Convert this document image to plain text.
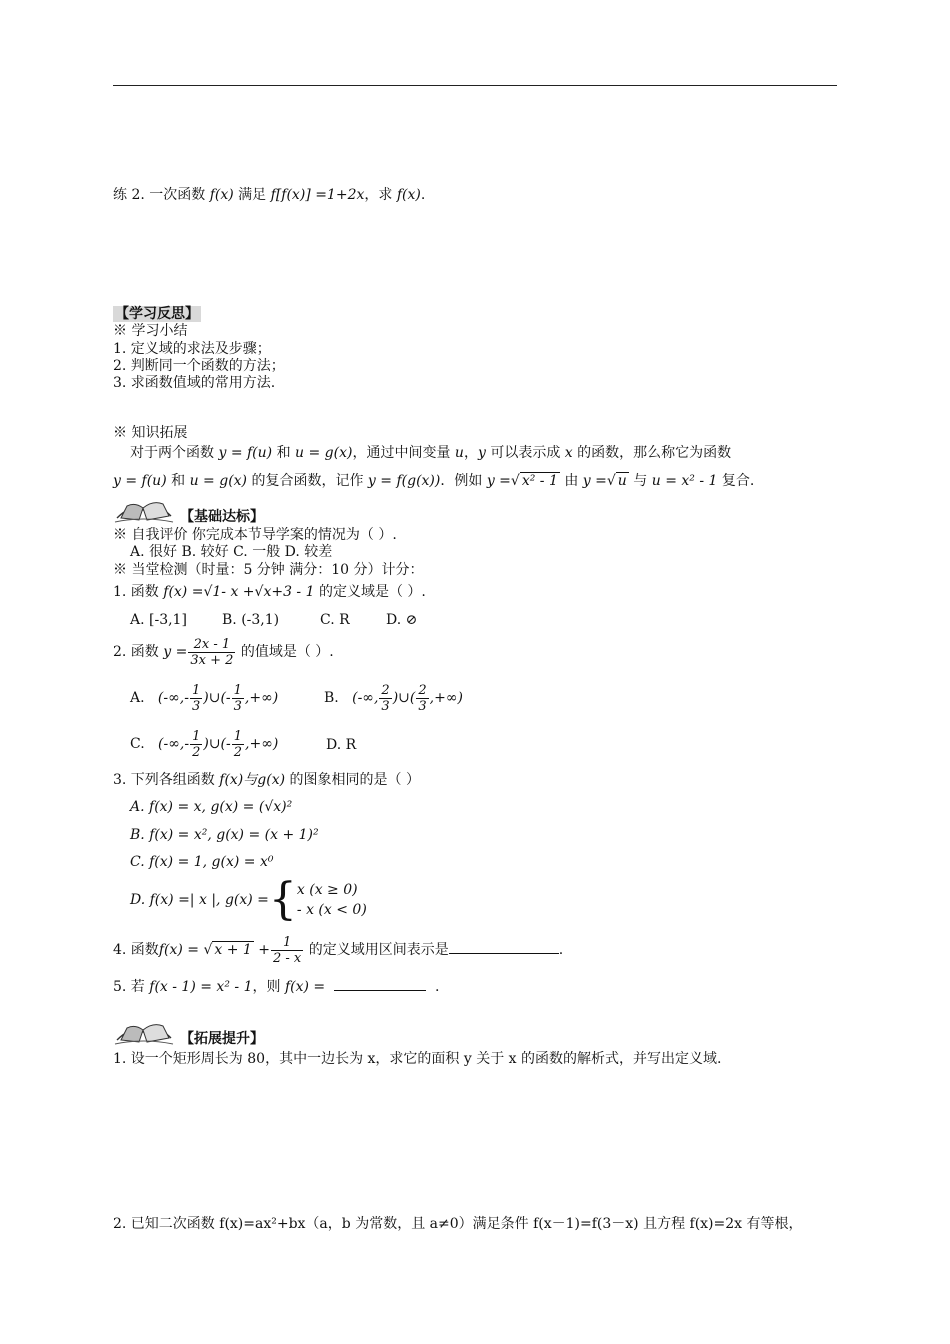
练 2. 一次函数 f(x) 满足 f[f(x)] =1+2x，求 f(x).
【学习反思】
※ 学习小结
1. 定义域的求法及步骤；
2. 判断同一个函数的方法；
3. 求函数值域的常用方法.
※ 知识拓展
对于两个函数 y = f(u) 和 u = g(x)，通过中间变量 u，y 可以表示成 x 的函数，那么称它为函数
y = f(u) 和 u = g(x) 的复合函数，记作 y = f(g(x))．例如 y =√ x² - 1 由 y =√ u 与 u = x² - 1 复合.
【基础达标】
※ 自我评价 你完成本节导学案的情况为（ ）.
A. 很好 B. 较好 C. 一般 D. 较差
※ 当堂检测（时量：5 分钟 满分：10 分）计分：
1. 函数 f(x) =√1- x +√x+3 - 1 的定义域是（ ）.
A. [-3,1]	B. (-3,1)	C. R	D. ⊘
2. 函数 $y = \frac{2x - 1}{3x + 2}$ 的值域是（ ）.
A. (-∞,- $\frac{1}{3}$ )∪(- $\frac{1}{3}$ ,+∞)	B. (-∞, $\frac{2}{3}$ )∪( $\frac{2}{3}$ ,+∞)
C. (-∞,- $\frac{1}{2}$ )∪(- $\frac{1}{2}$ ,+∞)	D. R
3. 下列各组函数 f(x)与g(x) 的图象相同的是（ ）
A. f(x) = x, g(x) = (√x)²
B. f(x) = x², g(x) = (x + 1)²
C. f(x) = 1, g(x) = x⁰
D. f(x) =| x |, g(x) ={ x (x ≥ 0)
- x (x < 0)
4. 函数f(x) = √ $x + 1 + \frac{1}{2 - x}$ 的定义域用区间表示是	.
5. 若 f(x - 1) = x² - 1，则 f(x) =	.
【拓展提升】
1. 设一个矩形周长为 80，其中一边长为 x，求它的面积 y 关于 x 的函数的解析式，并写出定义域.
2. 已知二次函数 f(x)=ax²+bx（a，b 为常数，且 a≠0）满足条件 f(x－1)=f(3－x) 且方程 f(x)=2x 有等根，
